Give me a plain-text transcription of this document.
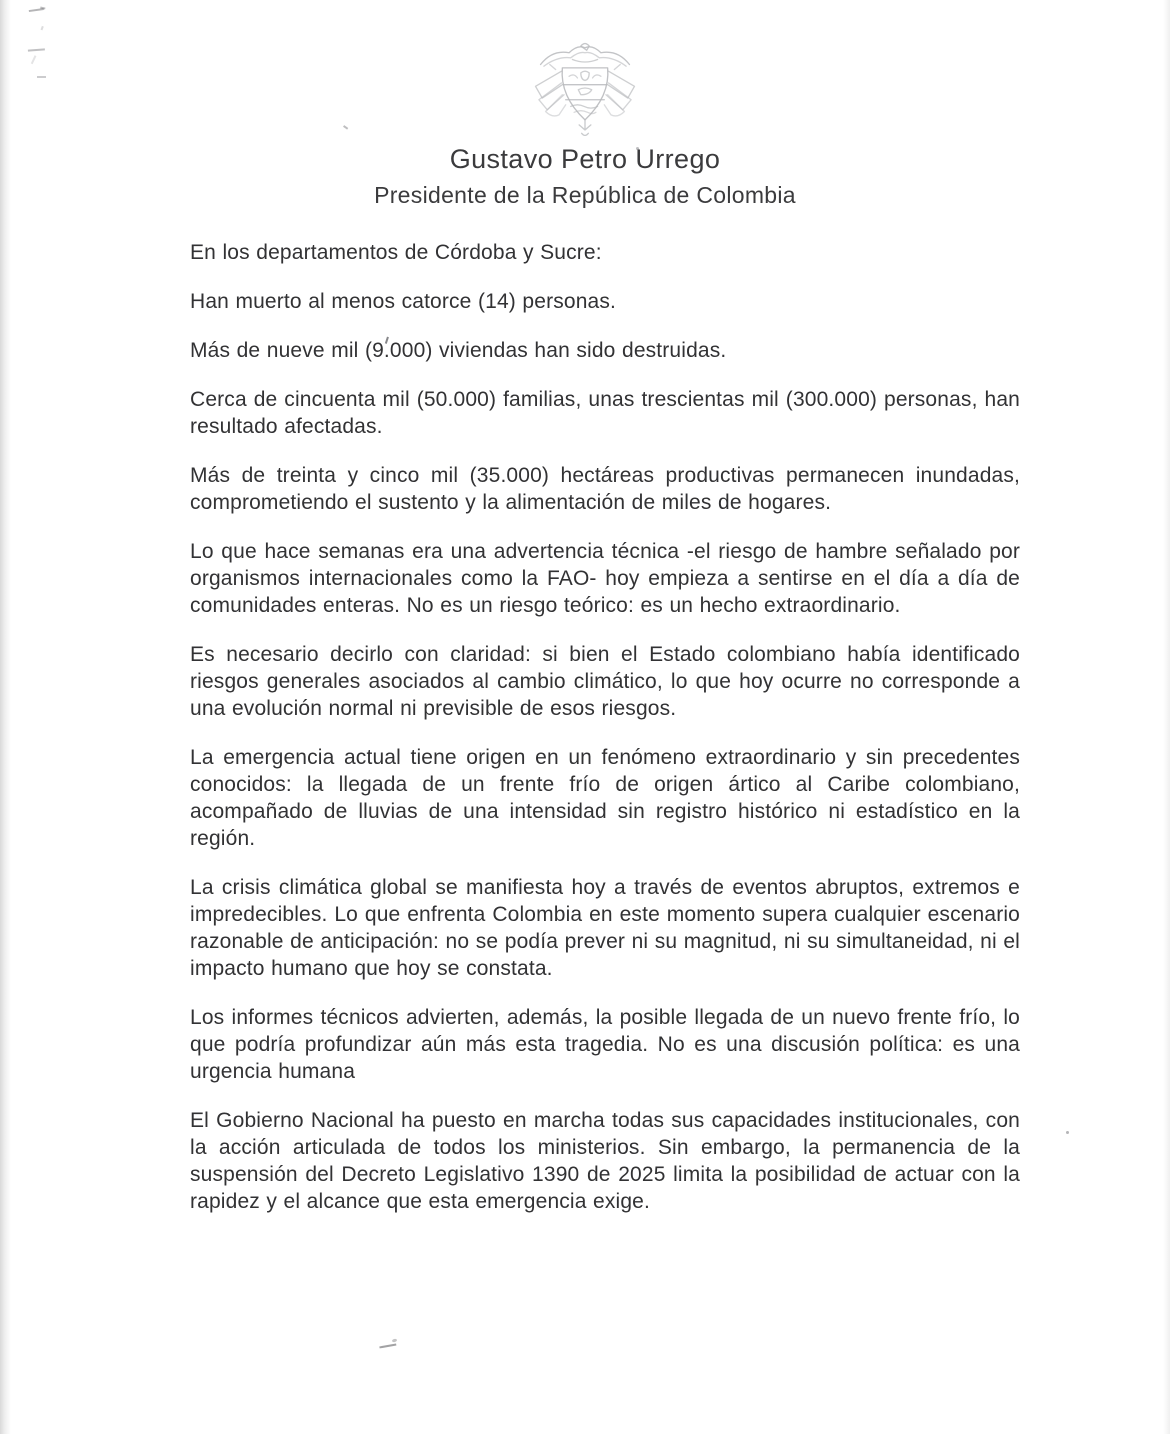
Gustavo Petro Urrego
Presidente de la República de Colombia

En los departamentos de Córdoba y Sucre:

Han muerto al menos catorce (14) personas.

Más de nueve mil (9.000) viviendas han sido destruidas.

Cerca de cincuenta mil (50.000) familias, unas trescientas mil (300.000) personas, han resultado afectadas.

Más de treinta y cinco mil (35.000) hectáreas productivas permanecen inundadas, comprometiendo el sustento y la alimentación de miles de hogares.

Lo que hace semanas era una advertencia técnica -el riesgo de hambre señalado por organismos internacionales como la FAO- hoy empieza a sentirse en el día a día de comunidades enteras. No es un riesgo teórico: es un hecho extraordinario.

Es necesario decirlo con claridad: si bien el Estado colombiano había identificado riesgos generales asociados al cambio climático, lo que hoy ocurre no corresponde a una evolución normal ni previsible de esos riesgos.

La emergencia actual tiene origen en un fenómeno extraordinario y sin precedentes conocidos: la llegada de un frente frío de origen ártico al Caribe colombiano, acompañado de lluvias de una intensidad sin registro histórico ni estadístico en la región.

La crisis climática global se manifiesta hoy a través de eventos abruptos, extremos e impredecibles. Lo que enfrenta Colombia en este momento supera cualquier escenario razonable de anticipación: no se podía prever ni su magnitud, ni su simultaneidad, ni el impacto humano que hoy se constata.

Los informes técnicos advierten, además, la posible llegada de un nuevo frente frío, lo que podría profundizar aún más esta tragedia. No es una discusión política: es una urgencia humana

El Gobierno Nacional ha puesto en marcha todas sus capacidades institucionales, con la acción articulada de todos los ministerios. Sin embargo, la permanencia de la suspensión del Decreto Legislativo 1390 de 2025 limita la posibilidad de actuar con la rapidez y el alcance que esta emergencia exige.
